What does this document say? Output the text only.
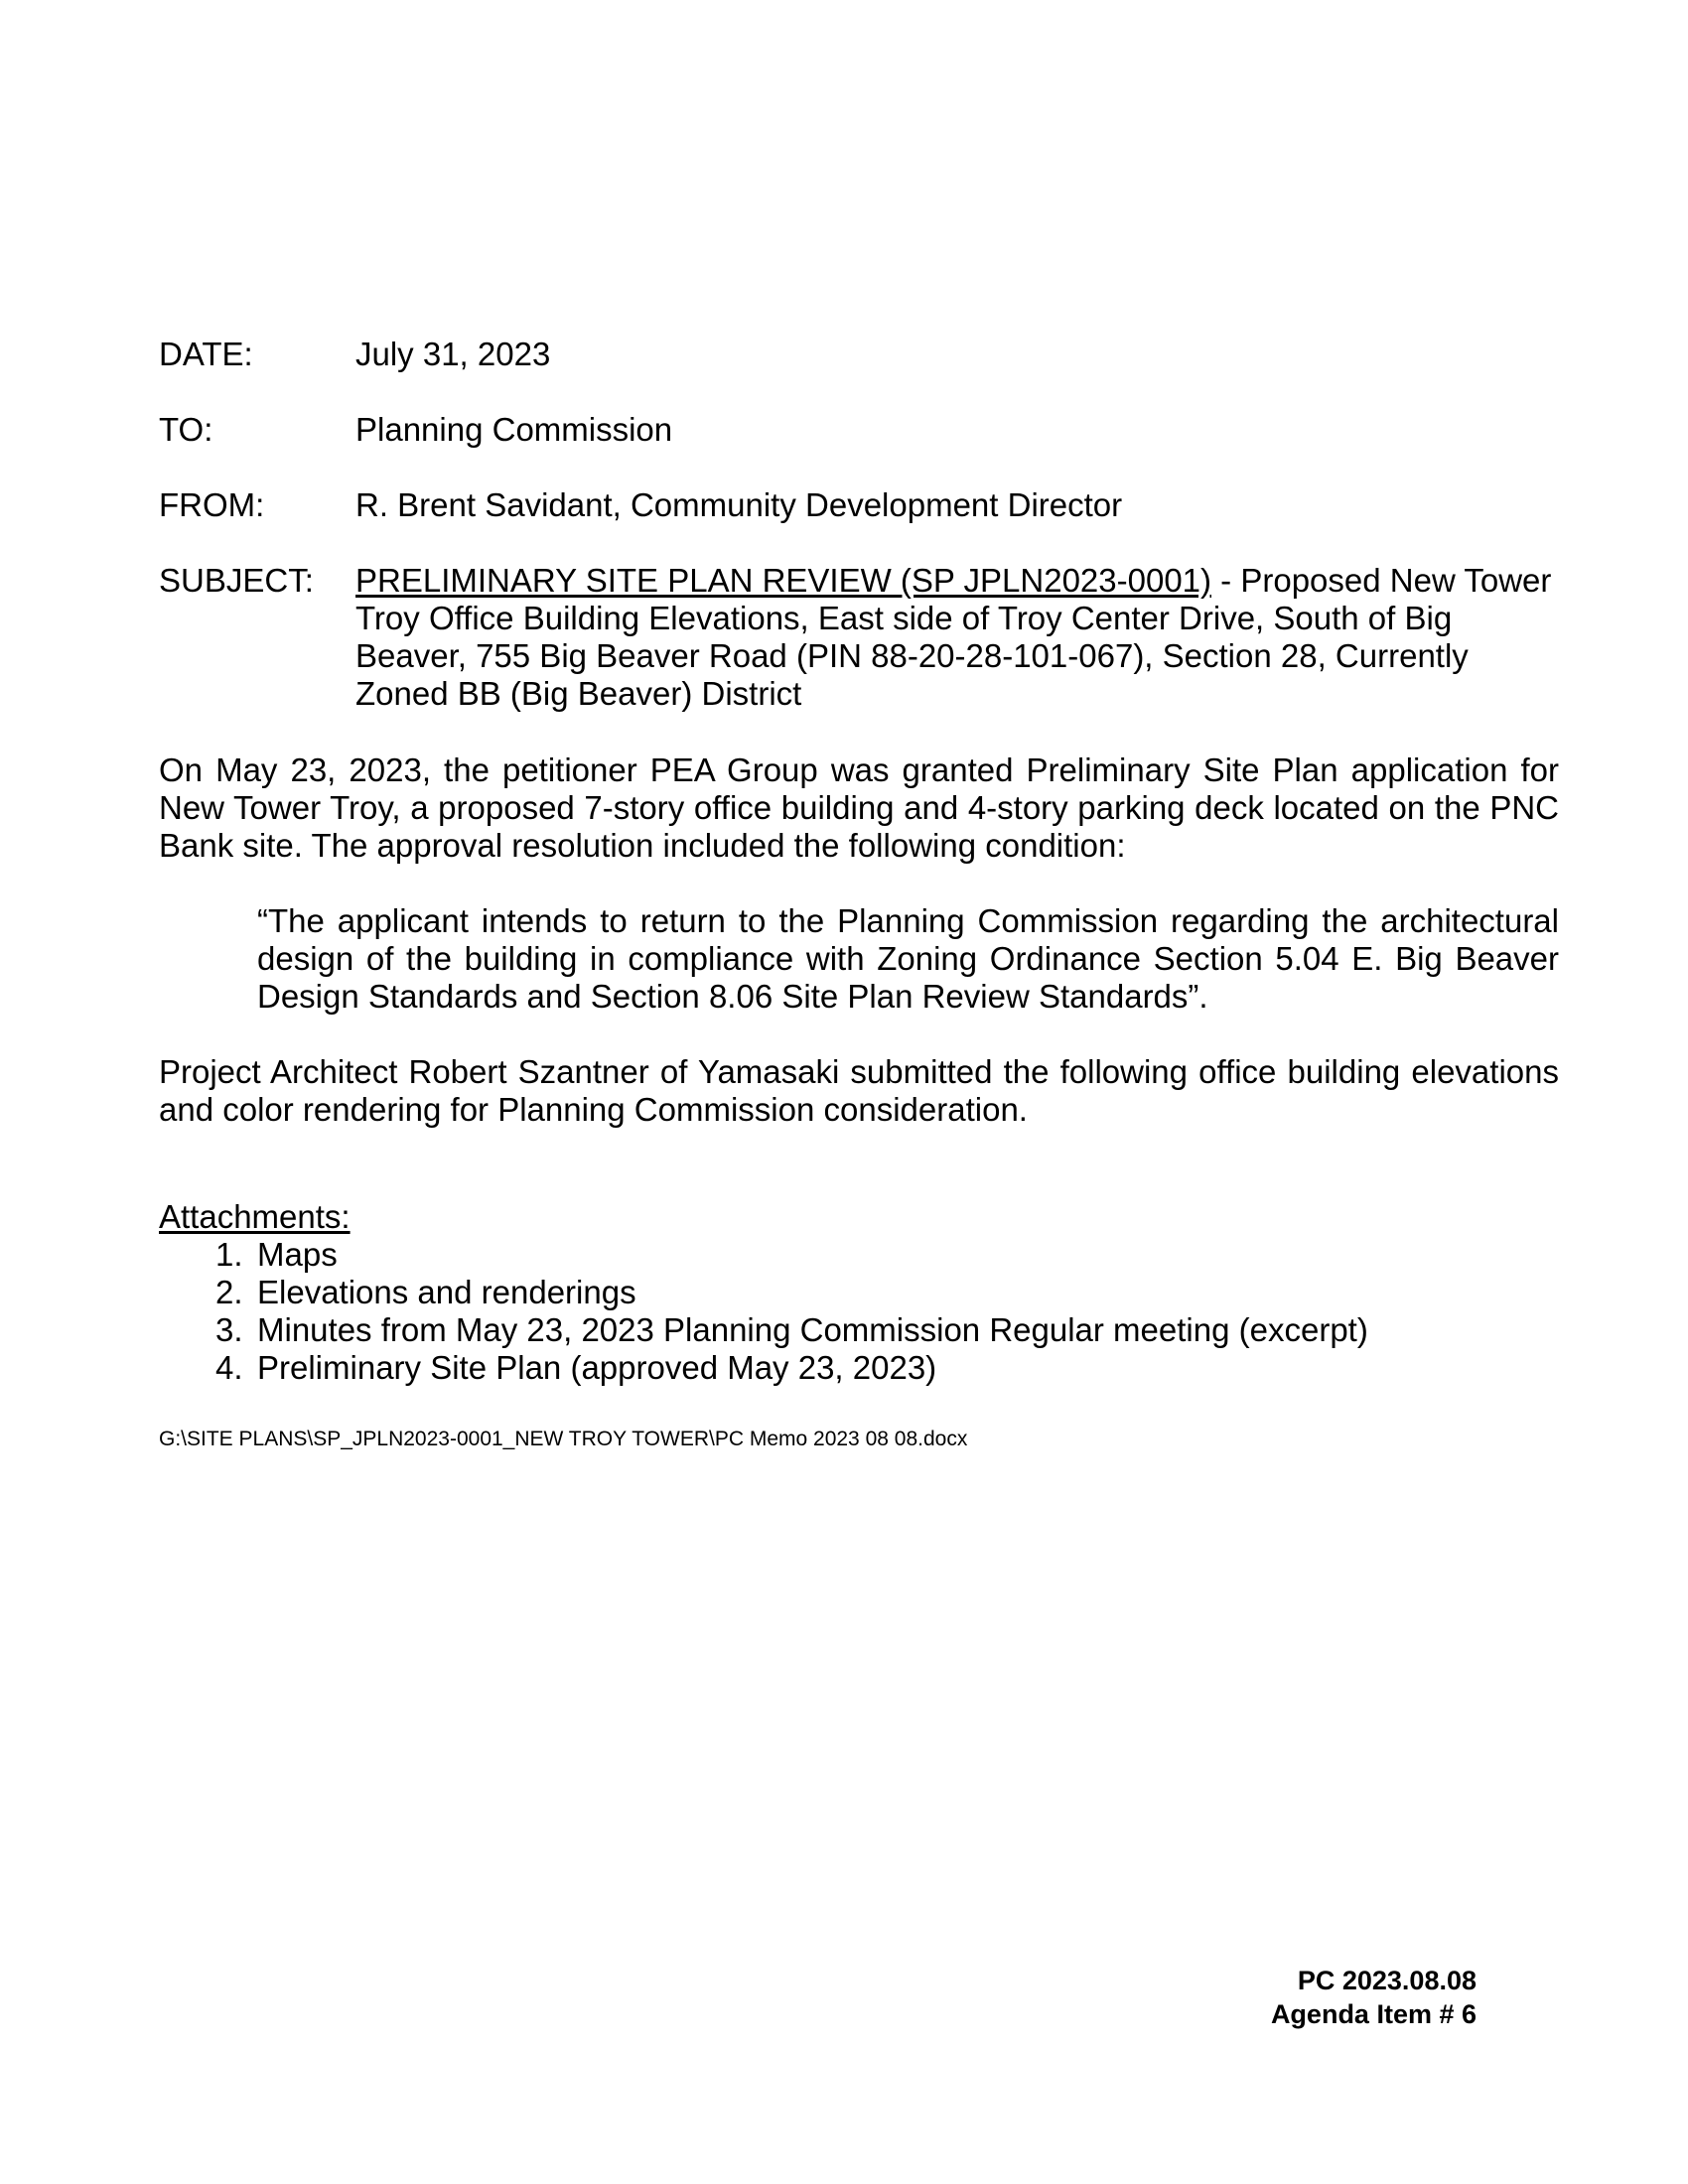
DATE:	July 31, 2023
TO:	Planning Commission
FROM:	R. Brent Savidant, Community Development Director
SUBJECT:	PRELIMINARY SITE PLAN REVIEW (SP JPLN2023-0001) - Proposed New Tower Troy Office Building Elevations, East side of Troy Center Drive, South of Big Beaver, 755 Big Beaver Road (PIN 88-20-28-101-067), Section 28, Currently Zoned BB (Big Beaver) District
On May 23, 2023, the petitioner PEA Group was granted Preliminary Site Plan application for New Tower Troy, a proposed 7-story office building and 4-story parking deck located on the PNC Bank site. The approval resolution included the following condition:
“The applicant intends to return to the Planning Commission regarding the architectural design of the building in compliance with Zoning Ordinance Section 5.04 E. Big Beaver Design Standards and Section 8.06 Site Plan Review Standards”.
Project Architect Robert Szantner of Yamasaki submitted the following office building elevations and color rendering for Planning Commission consideration.
Attachments:
1. Maps
2. Elevations and renderings
3. Minutes from May 23, 2023 Planning Commission Regular meeting (excerpt)
4. Preliminary Site Plan (approved May 23, 2023)
G:\SITE PLANS\SP_JPLN2023-0001_NEW TROY TOWER\PC Memo 2023 08 08.docx
PC 2023.08.08
Agenda Item # 6
